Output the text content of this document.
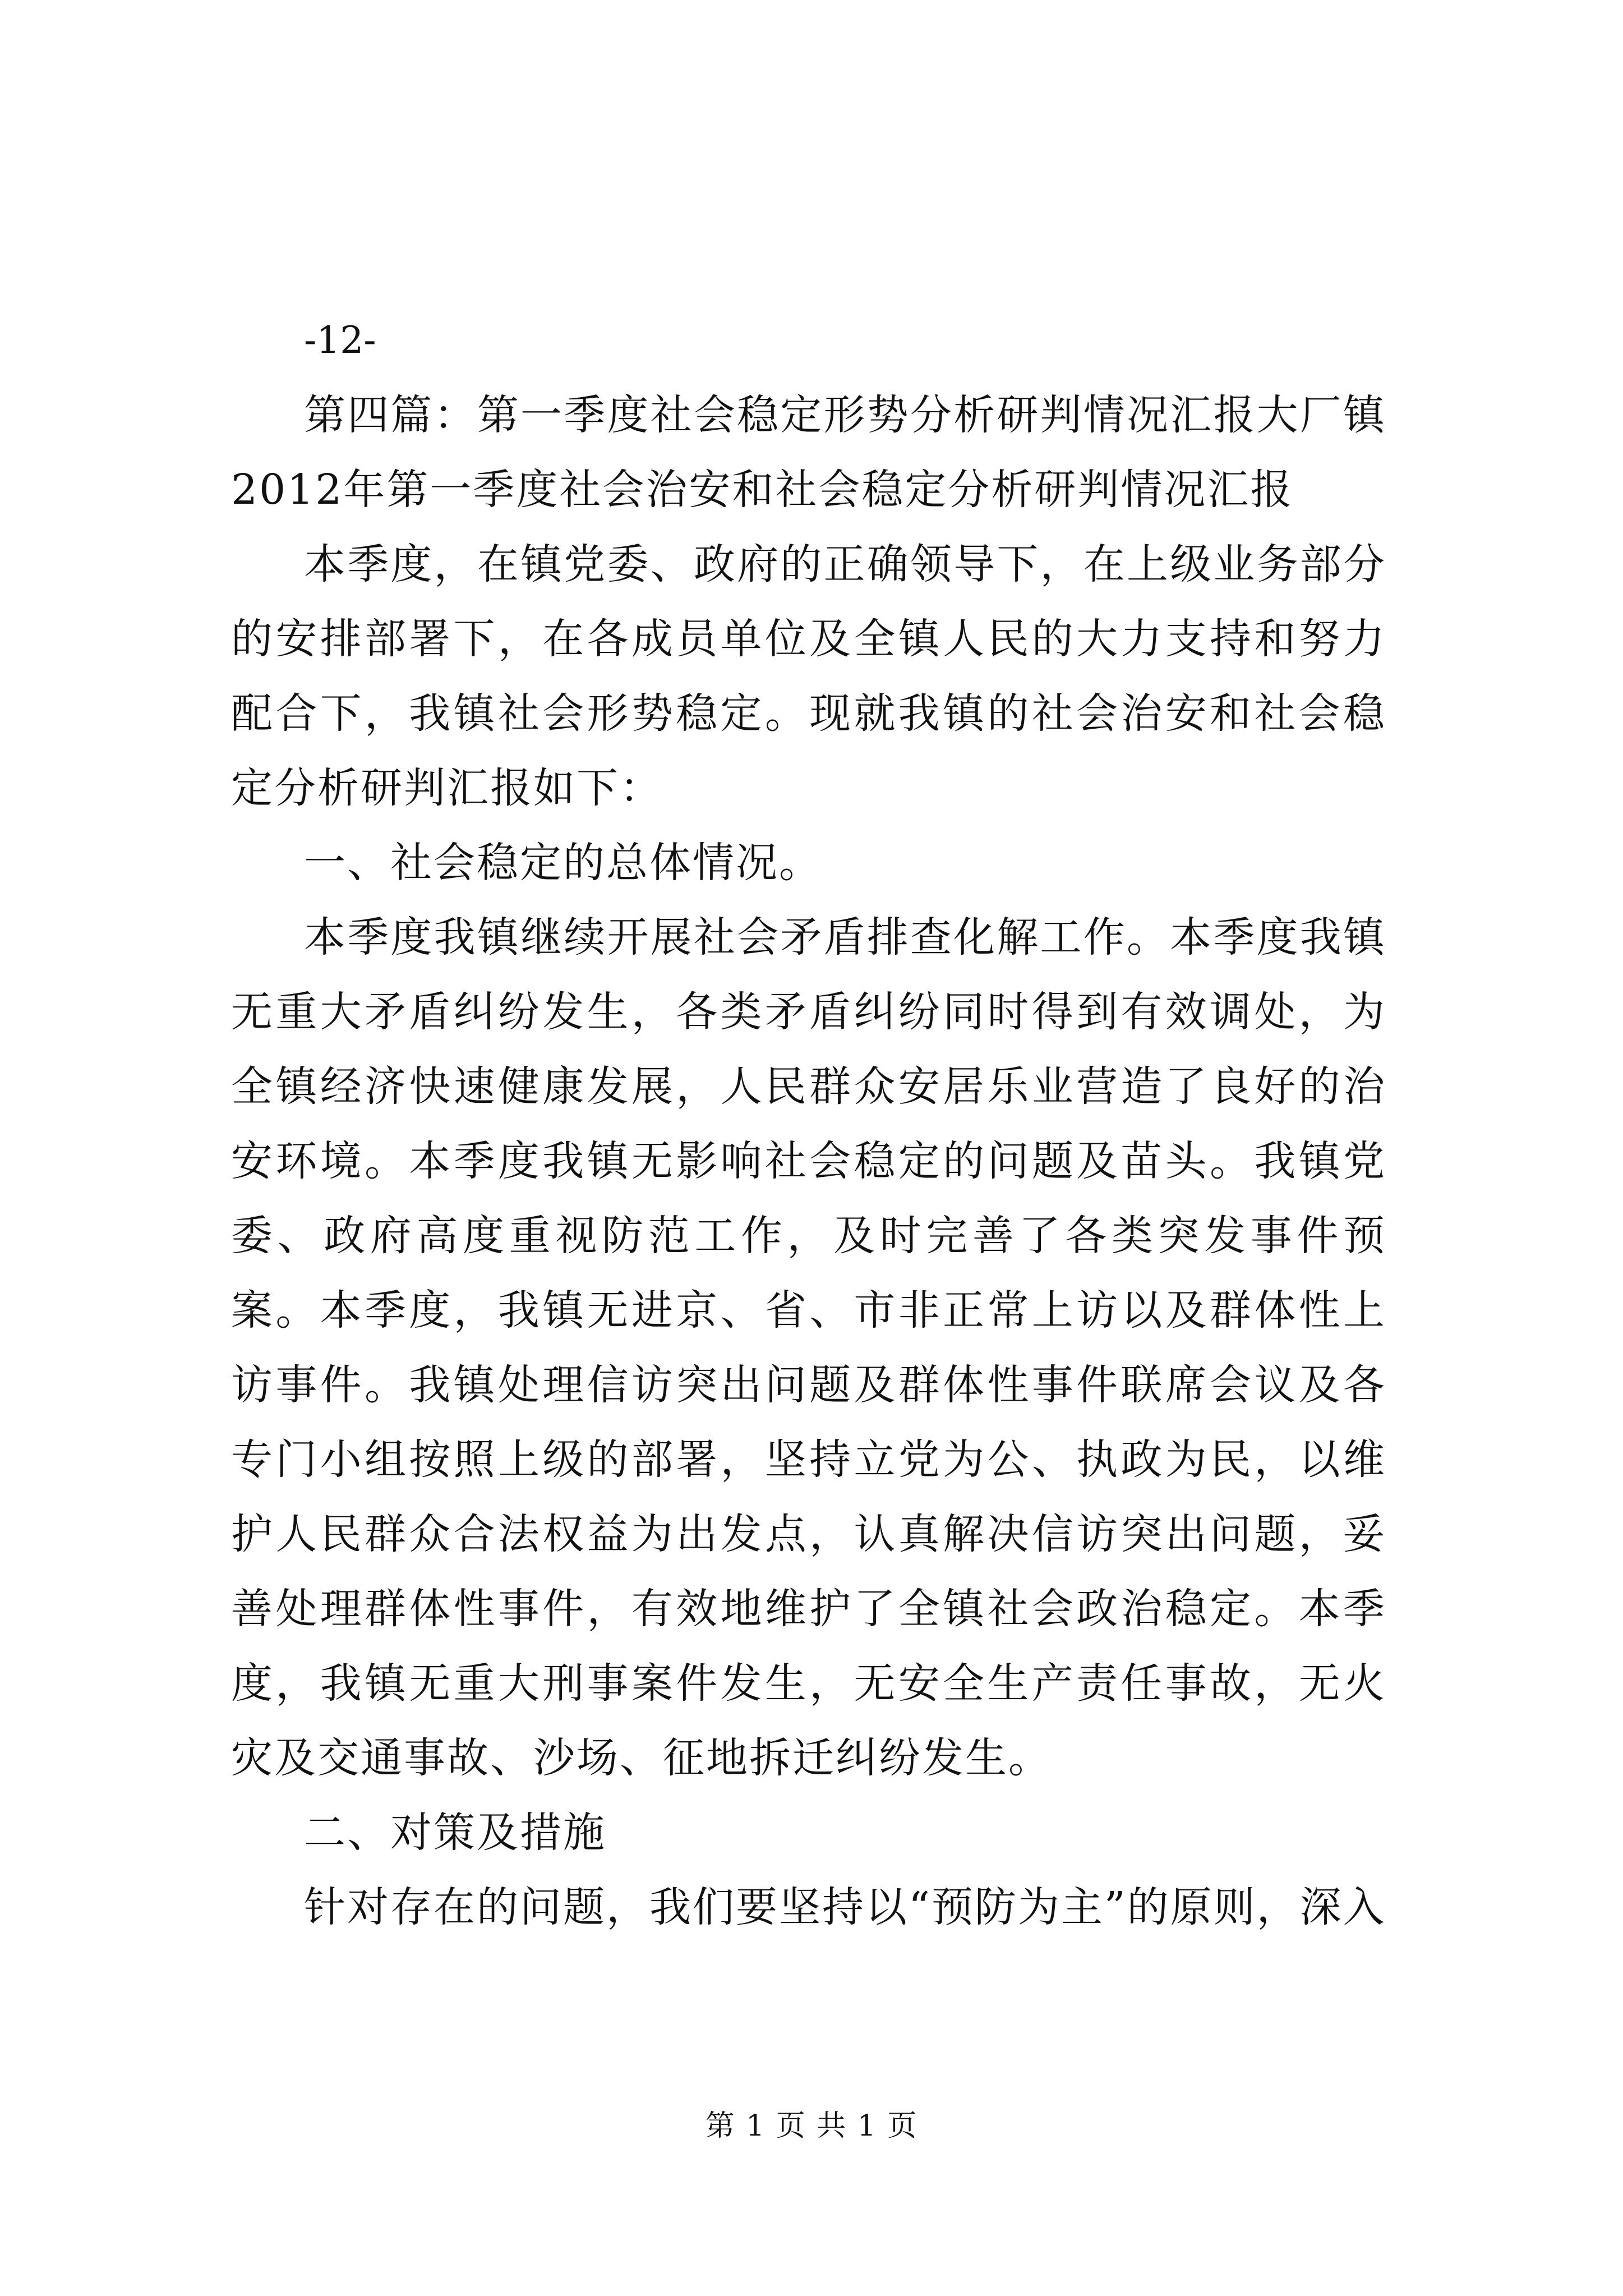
-12-

第四篇：第一季度社会稳定形势分析研判情况汇报大厂镇2012年第一季度社会治安和社会稳定分析研判情况汇报

本季度，在镇党委、政府的正确领导下，在上级业务部分的安排部署下，在各成员单位及全镇人民的大力支持和努力配合下，我镇社会形势稳定。现就我镇的社会治安和社会稳定分析研判汇报如下：

一、社会稳定的总体情况。

本季度我镇继续开展社会矛盾排查化解工作。本季度我镇无重大矛盾纠纷发生，各类矛盾纠纷同时得到有效调处，为全镇经济快速健康发展，人民群众安居乐业营造了良好的治安环境。本季度我镇无影响社会稳定的问题及苗头。我镇党委、政府高度重视防范工作，及时完善了各类突发事件预案。本季度，我镇无进京、省、市非正常上访以及群体性上访事件。我镇处理信访突出问题及群体性事件联席会议及各专门小组按照上级的部署，坚持立党为公、执政为民，以维护人民群众合法权益为出发点，认真解决信访突出问题，妥善处理群体性事件，有效地维护了全镇社会政治稳定。本季度，我镇无重大刑事案件发生，无安全生产责任事故，无火灾及交通事故、沙场、征地拆迁纠纷发生。

二、对策及措施

针对存在的问题，我们要坚持以“预防为主”的原则，深入

第 1 页 共 1 页
